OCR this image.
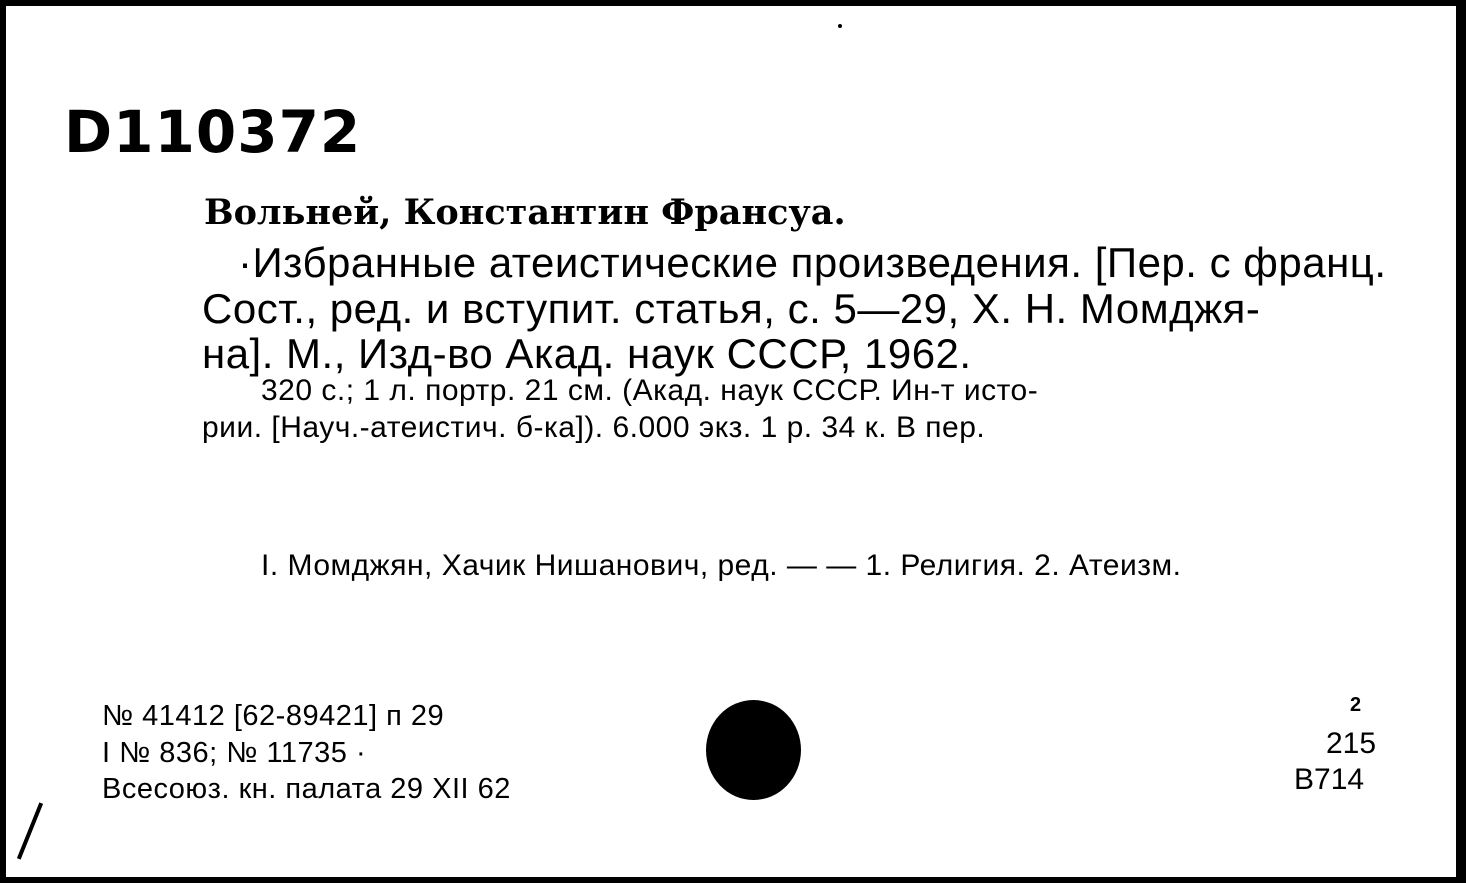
D110372
Вольней, Константин Франсуа.
·Избранные атеистические произведения. [Пер. с франц.
Сост., ред. и вступит. статья, с. 5—29, Х. Н. Момджя-
на]. М., Изд-во Акад. наук СССР, 1962.
320 с.; 1 л. портр. 21 см. (Акад. наук СССР. Ин-т исто-
рии. [Науч.-атеистич. б-ка]). 6.000 экз. 1 р. 34 к. В пер.
I. Момджян, Хачик Нишанович, ред. — — 1. Религия. 2. Атеизм.
№ 41412 [62-89421] п 29
I № 836; № 11735 ·
Всесоюз. кн. палата 29 XII 62
2
215
В714
